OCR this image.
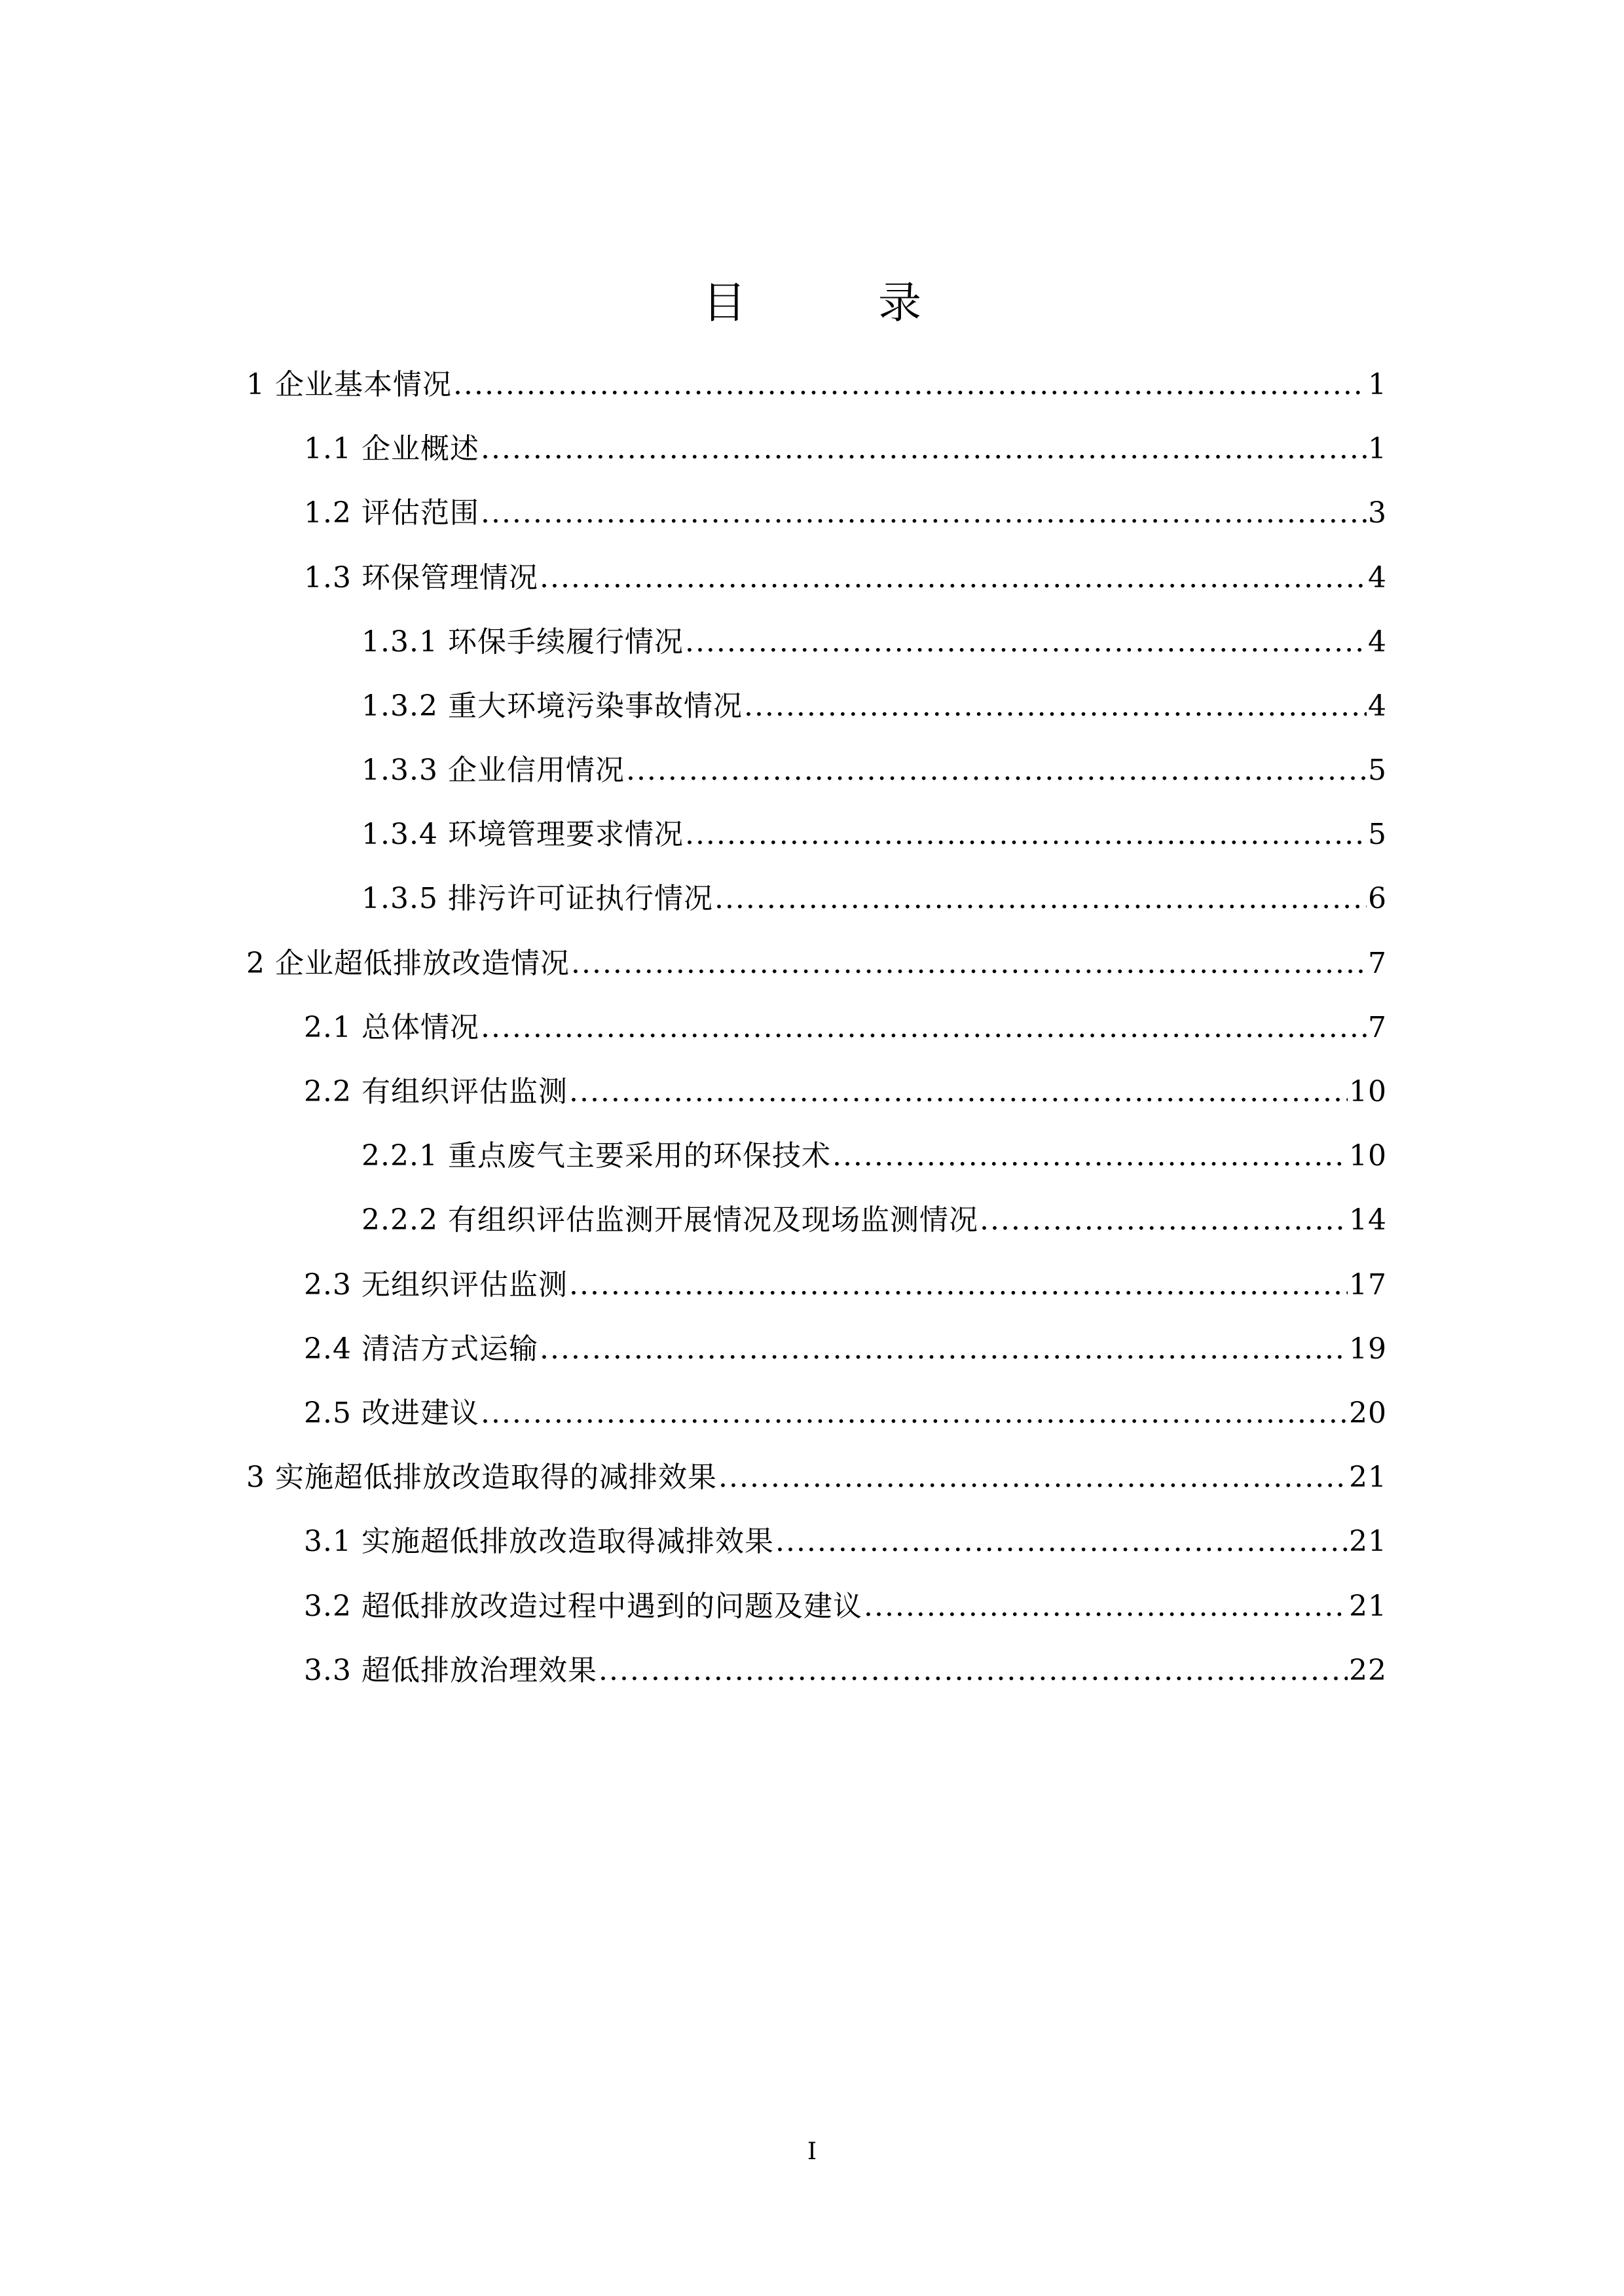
目　录
1 企业基本情况 .....	1
1.1 企业概述 .....	1
1.2 评估范围 .....	3
1.3 环保管理情况 .....	4
1.3.1 环保手续履行情况 .....	4
1.3.2 重大环境污染事故情况 .....	4
1.3.3 企业信用情况 .....	5
1.3.4 环境管理要求情况 .....	5
1.3.5 排污许可证执行情况 .....	6
2 企业超低排放改造情况 .....	7
2.1 总体情况 .....	7
2.2 有组织评估监测 .....	10
2.2.1 重点废气主要采用的环保技术 .....	10
2.2.2 有组织评估监测开展情况及现场监测情况 .....	14
2.3 无组织评估监测 .....	17
2.4 清洁方式运输 .....	19
2.5 改进建议 .....	20
3 实施超低排放改造取得的减排效果 .....	21
3.1 实施超低排放改造取得减排效果 .....	21
3.2 超低排放改造过程中遇到的问题及建议 .....	21
3.3 超低排放治理效果 .....	22
I
